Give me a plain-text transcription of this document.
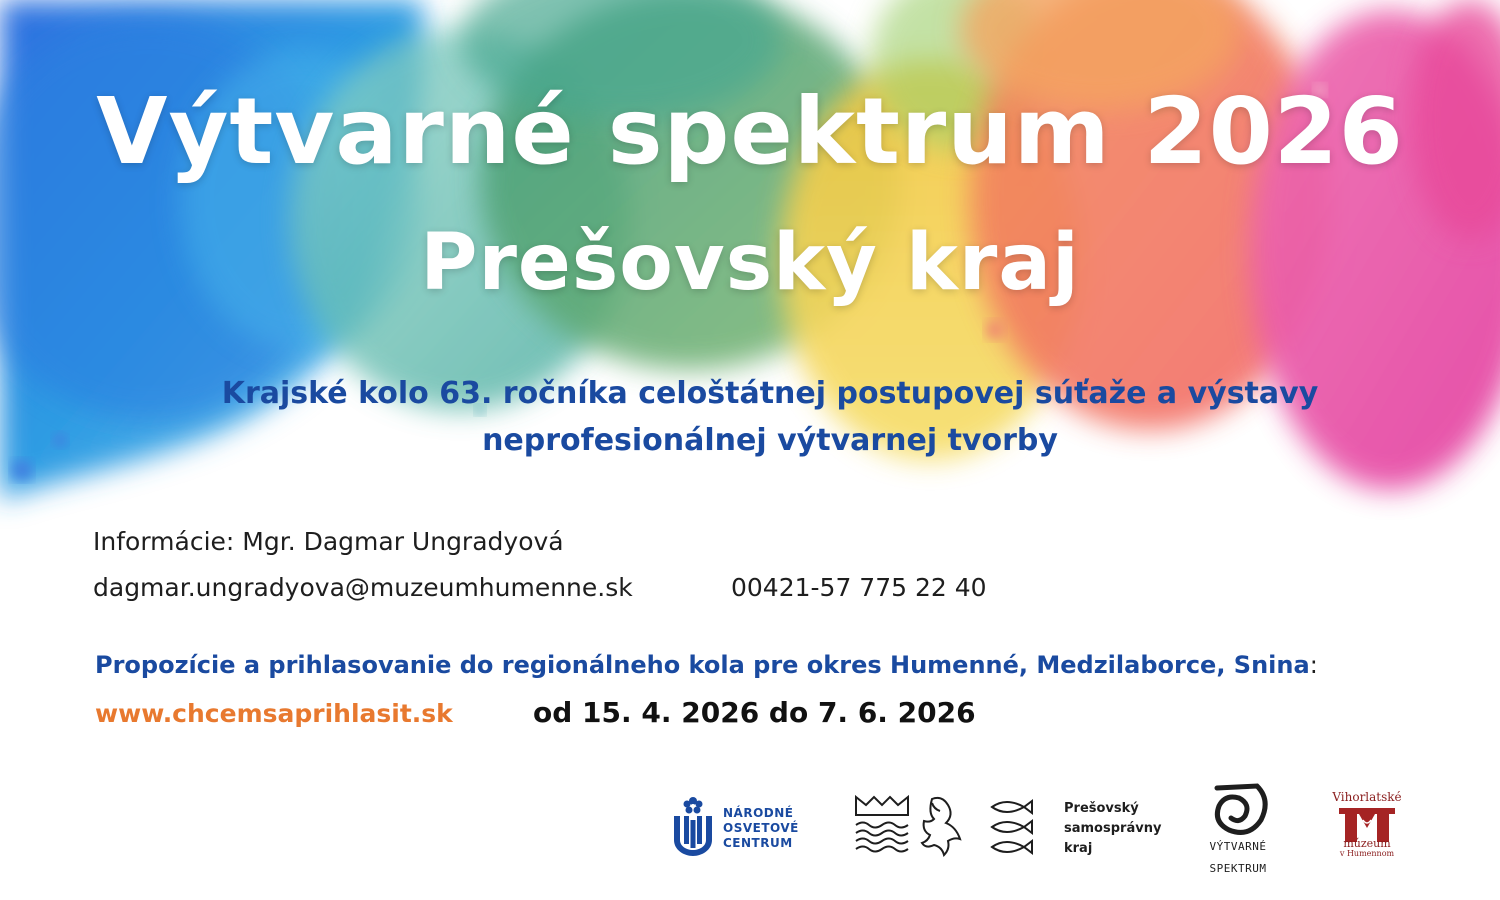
Výtvarné spektrum 2026
Prešovský kraj
Krajské kolo 63. ročníka celoštátnej postupovej súťaže a výstavy
neprofesionálnej výtvarnej tvorby
Informácie: Mgr. Dagmar Ungradyová
dagmar.ungradyova@muzeumhumenne.sk	00421-57 775 22 40
Propozície a prihlasovanie do regionálneho kola pre okres Humenné, Medzilaborce, Snina:
www.chcemsaprihlasit.sk	od 15. 4. 2026 do 7. 6. 2026
NÁRODNÉ
OSVETOVÉ
CENTRUM
Prešovský
samosprávny
kraj	VÝTVARNÉ
SPEKTRUM
Vihorlatské
múzeum
v Humennom
